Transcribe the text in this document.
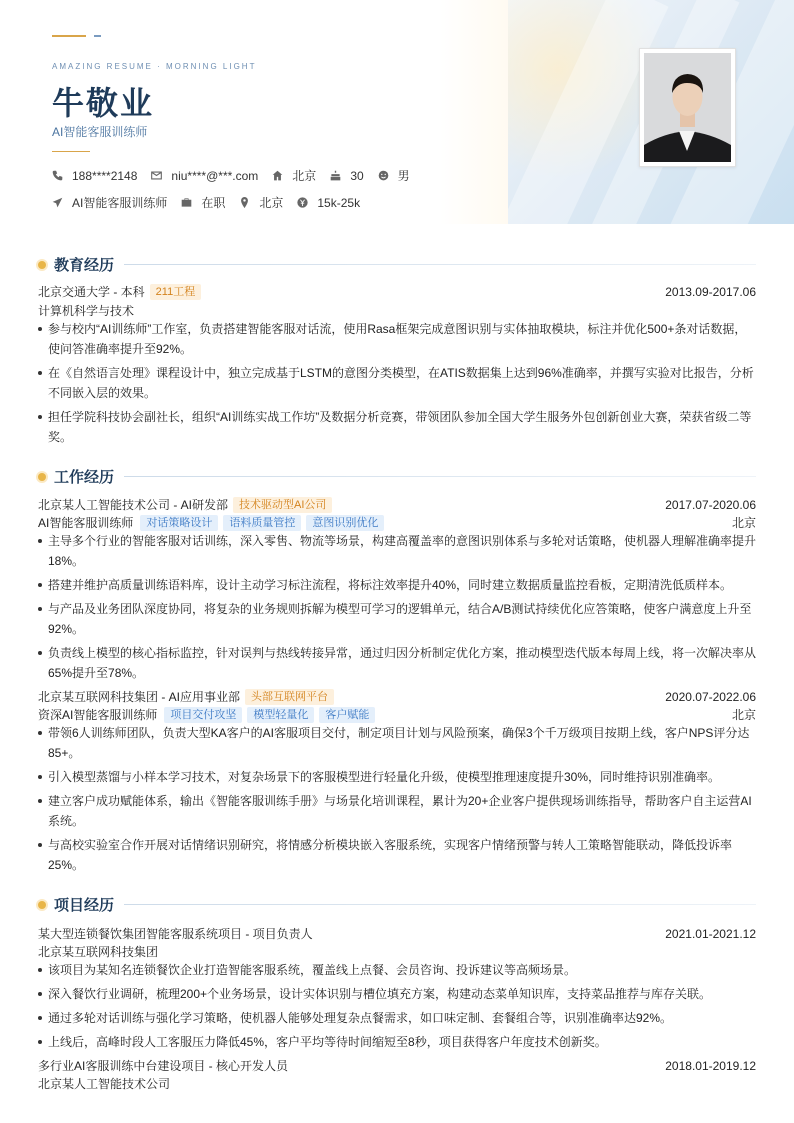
AMAZING RESUME · MORNING LIGHT
牛敬业
AI智能客服训练师
188****2148	niu****@***.com	北京	30	男
AI智能客服训练师	在职	北京	15k-25k
教育经历
北京交通大学 - 本科	211工程	2013.09-2017.06
计算机科学与技术
参与校内“AI训练师”工作室，负责搭建智能客服对话流，使用Rasa框架完成意图识别与实体抽取模块，标注并优化500+条对话数据，使问答准确率提升至92%。
在《自然语言处理》课程设计中，独立完成基于LSTM的意图分类模型，在ATIS数据集上达到96%准确率，并撰写实验对比报告，分析不同嵌入层的效果。
担任学院科技协会副社长，组织“AI训练实战工作坊”及数据分析竞赛，带领团队参加全国大学生服务外包创新创业大赛，荣获省级二等奖。
工作经历
北京某人工智能技术公司 - AI研发部	技术驱动型AI公司	2017.07-2020.06
AI智能客服训练师	对话策略设计	语料质量管控	意图识别优化	北京
主导多个行业的智能客服对话训练，深入零售、物流等场景，构建高覆盖率的意图识别体系与多轮对话策略，使机器人理解准确率提升18%。
搭建并维护高质量训练语料库，设计主动学习标注流程，将标注效率提升40%，同时建立数据质量监控看板，定期清洗低质样本。
与产品及业务团队深度协同，将复杂的业务规则拆解为模型可学习的逻辑单元，结合A/B测试持续优化应答策略，使客户满意度上升至92%。
负责线上模型的核心指标监控，针对误判与热线转接异常，通过归因分析制定优化方案，推动模型迭代版本每周上线，将一次解决率从65%提升至78%。
北京某互联网科技集团 - AI应用事业部	头部互联网平台	2020.07-2022.06
资深AI智能客服训练师	项目交付攻坚	模型轻量化	客户赋能	北京
带领6人训练师团队，负责大型KA客户的AI客服项目交付，制定项目计划与风险预案，确保3个千万级项目按期上线，客户NPS评分达85+。
引入模型蒸馏与小样本学习技术，对复杂场景下的客服模型进行轻量化升级，使模型推理速度提升30%，同时维持识别准确率。
建立客户成功赋能体系，输出《智能客服训练手册》与场景化培训课程，累计为20+企业客户提供现场训练指导，帮助客户自主运营AI系统。
与高校实验室合作开展对话情绪识别研究，将情感分析模块嵌入客服系统，实现客户情绪预警与转人工策略智能联动，降低投诉率25%。
项目经历
某大型连锁餐饮集团智能客服系统项目 - 项目负责人	2021.01-2021.12
北京某互联网科技集团
该项目为某知名连锁餐饮企业打造智能客服系统，覆盖线上点餐、会员咨询、投诉建议等高频场景。
深入餐饮行业调研，梳理200+个业务场景，设计实体识别与槽位填充方案，构建动态菜单知识库，支持菜品推荐与库存关联。
通过多轮对话训练与强化学习策略，使机器人能够处理复杂点餐需求，如口味定制、套餐组合等，识别准确率达92%。
上线后，高峰时段人工客服压力降低45%，客户平均等待时间缩短至8秒，项目获得客户年度技术创新奖。
多行业AI客服训练中台建设项目 - 核心开发人员	2018.01-2019.12
北京某人工智能技术公司
